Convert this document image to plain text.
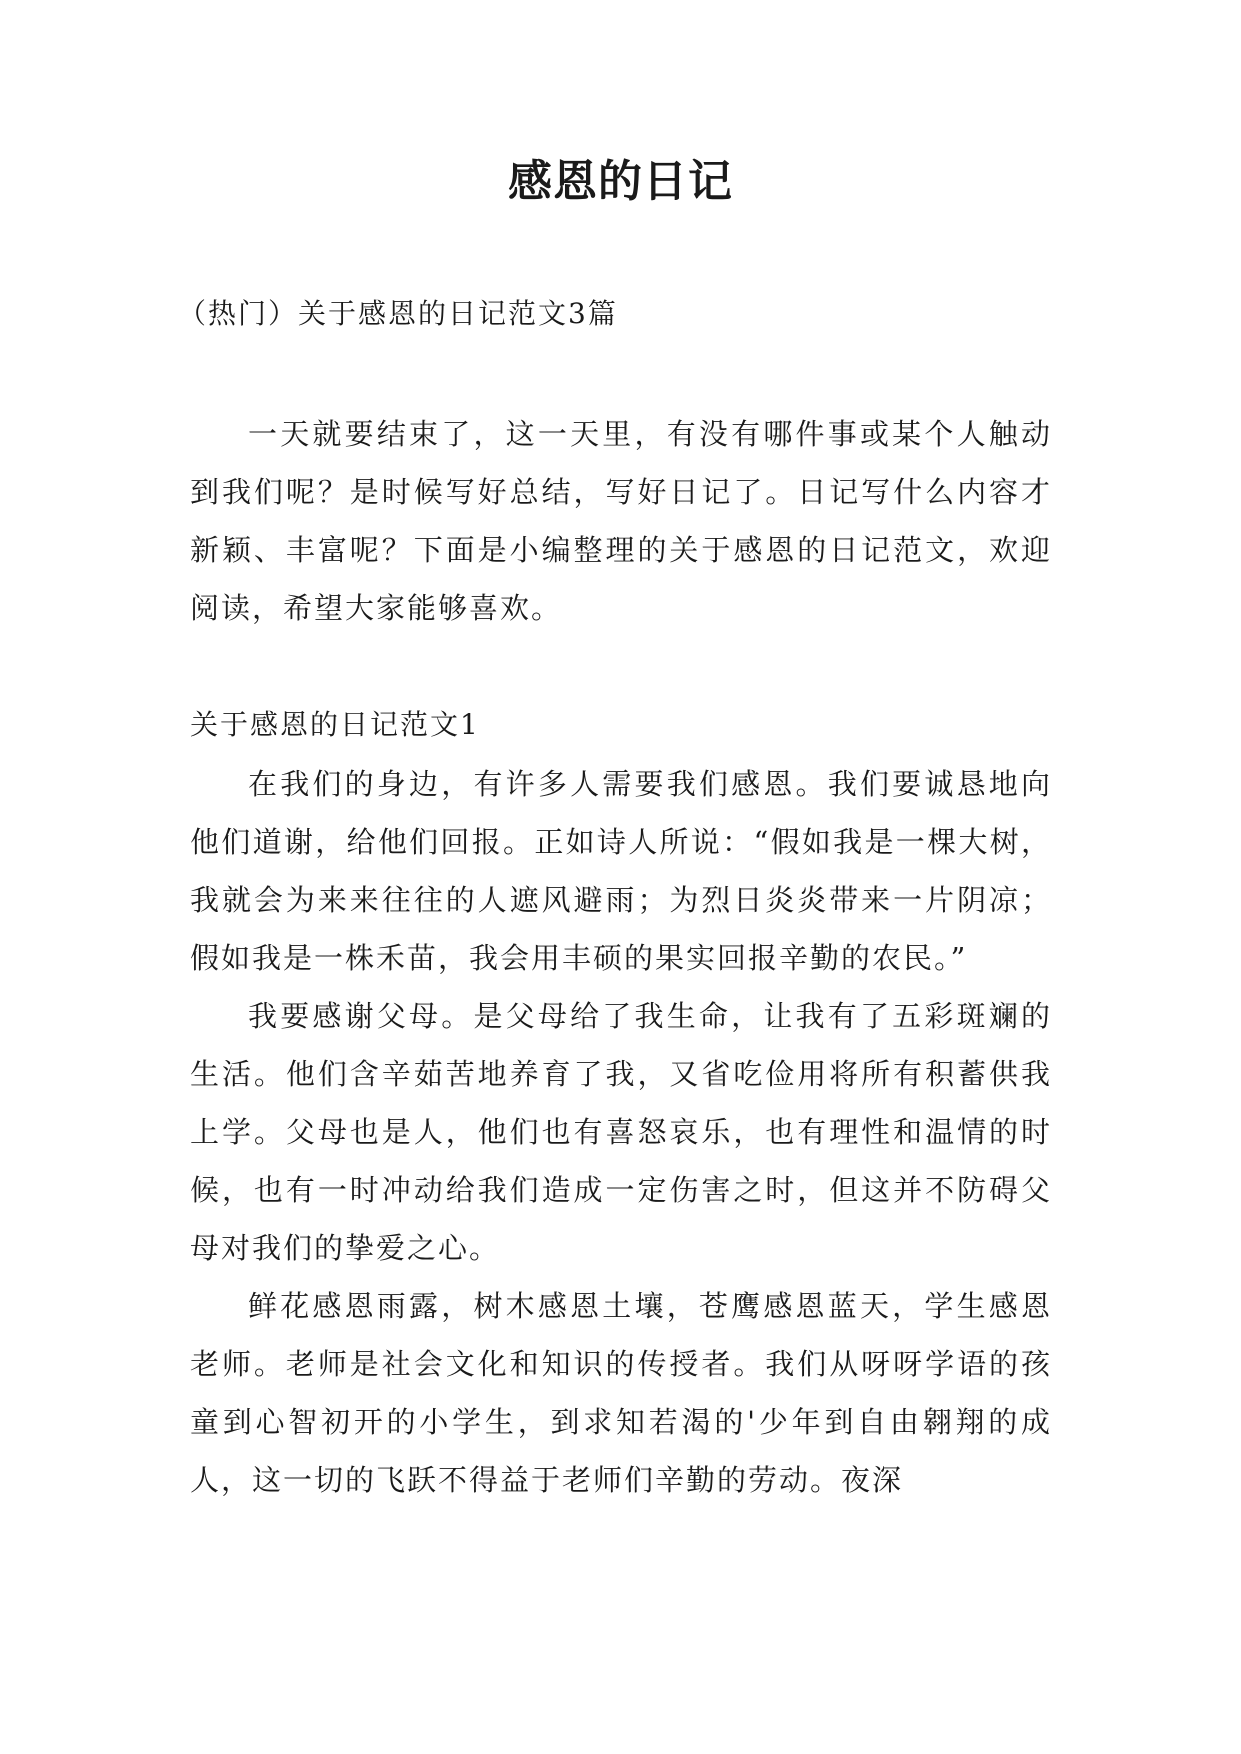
感恩的日记

（热门）关于感恩的日记范文3篇

一天就要结束了，这一天里，有没有哪件事或某个人触动到我们呢？是时候写好总结，写好日记了。日记写什么内容才新颖、丰富呢？下面是小编整理的关于感恩的日记范文，欢迎阅读，希望大家能够喜欢。

关于感恩的日记范文1

在我们的身边，有许多人需要我们感恩。我们要诚恳地向他们道谢，给他们回报。正如诗人所说：“假如我是一棵大树，我就会为来来往往的人遮风避雨；为烈日炎炎带来一片阴凉；假如我是一株禾苗，我会用丰硕的果实回报辛勤的农民。”

我要感谢父母。是父母给了我生命，让我有了五彩斑斓的生活。他们含辛茹苦地养育了我，又省吃俭用将所有积蓄供我上学。父母也是人，他们也有喜怒哀乐，也有理性和温情的时候，也有一时冲动给我们造成一定伤害之时，但这并不防碍父母对我们的挚爱之心。

鲜花感恩雨露，树木感恩土壤，苍鹰感恩蓝天，学生感恩老师。老师是社会文化和知识的传授者。我们从呀呀学语的孩童到心智初开的小学生，到求知若渴的'少年到自由翱翔的成人，这一切的飞跃不得益于老师们辛勤的劳动。夜深
